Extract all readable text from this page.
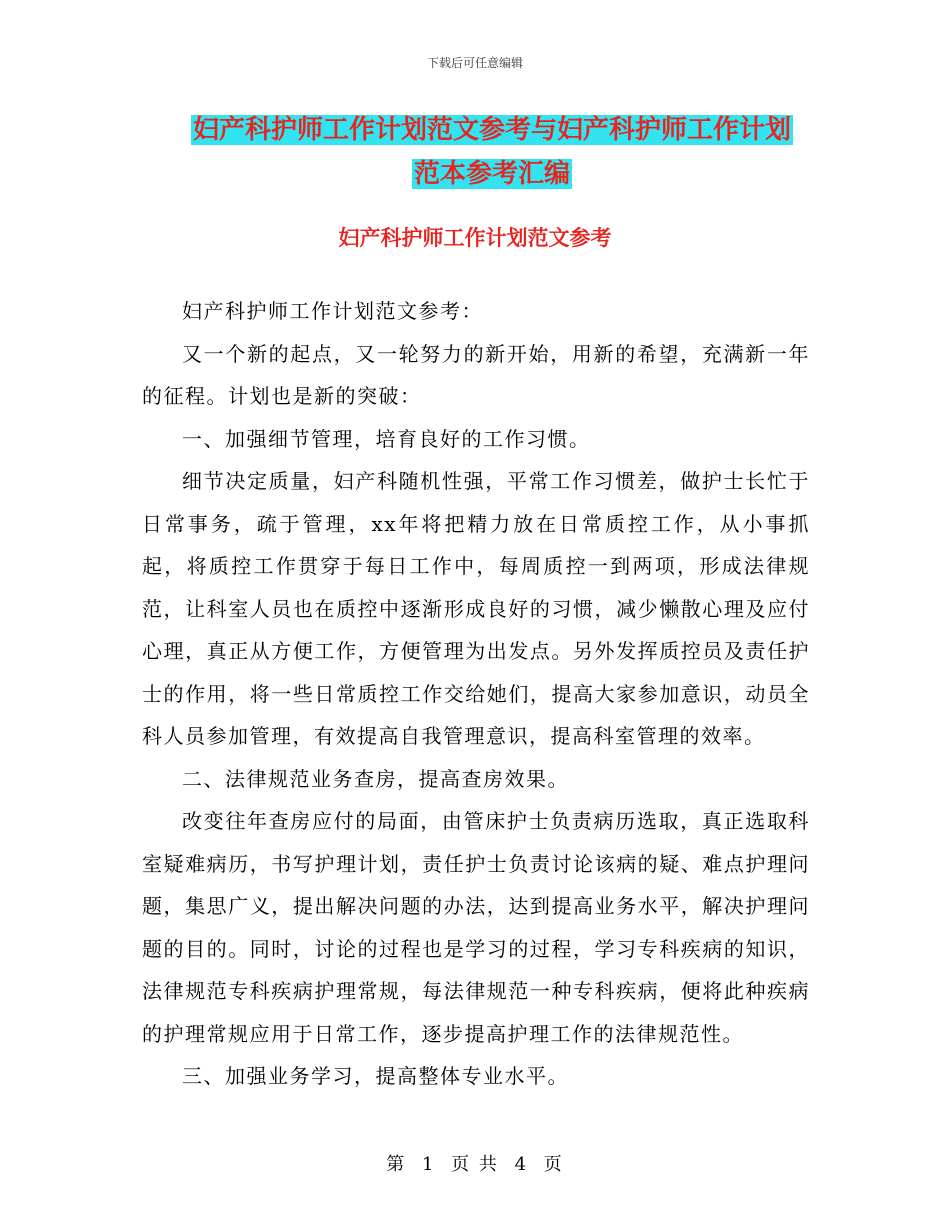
下载后可任意编辑
妇产科护师工作计划范文参考与妇产科护师工作计划
范本参考汇编
妇产科护师工作计划范文参考

妇产科护师工作计划范文参考：

又一个新的起点，又一轮努力的新开始，用新的希望，充满新一年的征程。计划也是新的突破：

一、加强细节管理，培育良好的工作习惯。

细节决定质量，妇产科随机性强，平常工作习惯差，做护士长忙于日常事务，疏于管理，xx年将把精力放在日常质控工作，从小事抓起，将质控工作贯穿于每日工作中，每周质控一到两项，形成法律规范，让科室人员也在质控中逐渐形成良好的习惯，减少懒散心理及应付心理，真正从方便工作，方便管理为出发点。另外发挥质控员及责任护士的作用，将一些日常质控工作交给她们，提高大家参加意识，动员全科人员参加管理，有效提高自我管理意识，提高科室管理的效率。

二、法律规范业务查房，提高查房效果。

改变往年查房应付的局面，由管床护士负责病历选取，真正选取科室疑难病历，书写护理计划，责任护士负责讨论该病的疑、难点护理问题，集思广义，提出解决问题的办法，达到提高业务水平，解决护理问题的目的。同时，讨论的过程也是学习的过程，学习专科疾病的知识，法律规范专科疾病护理常规，每法律规范一种专科疾病，便将此种疾病的护理常规应用于日常工作，逐步提高护理工作的法律规范性。

三、加强业务学习，提高整体专业水平。

第 1 页 共 4 页
